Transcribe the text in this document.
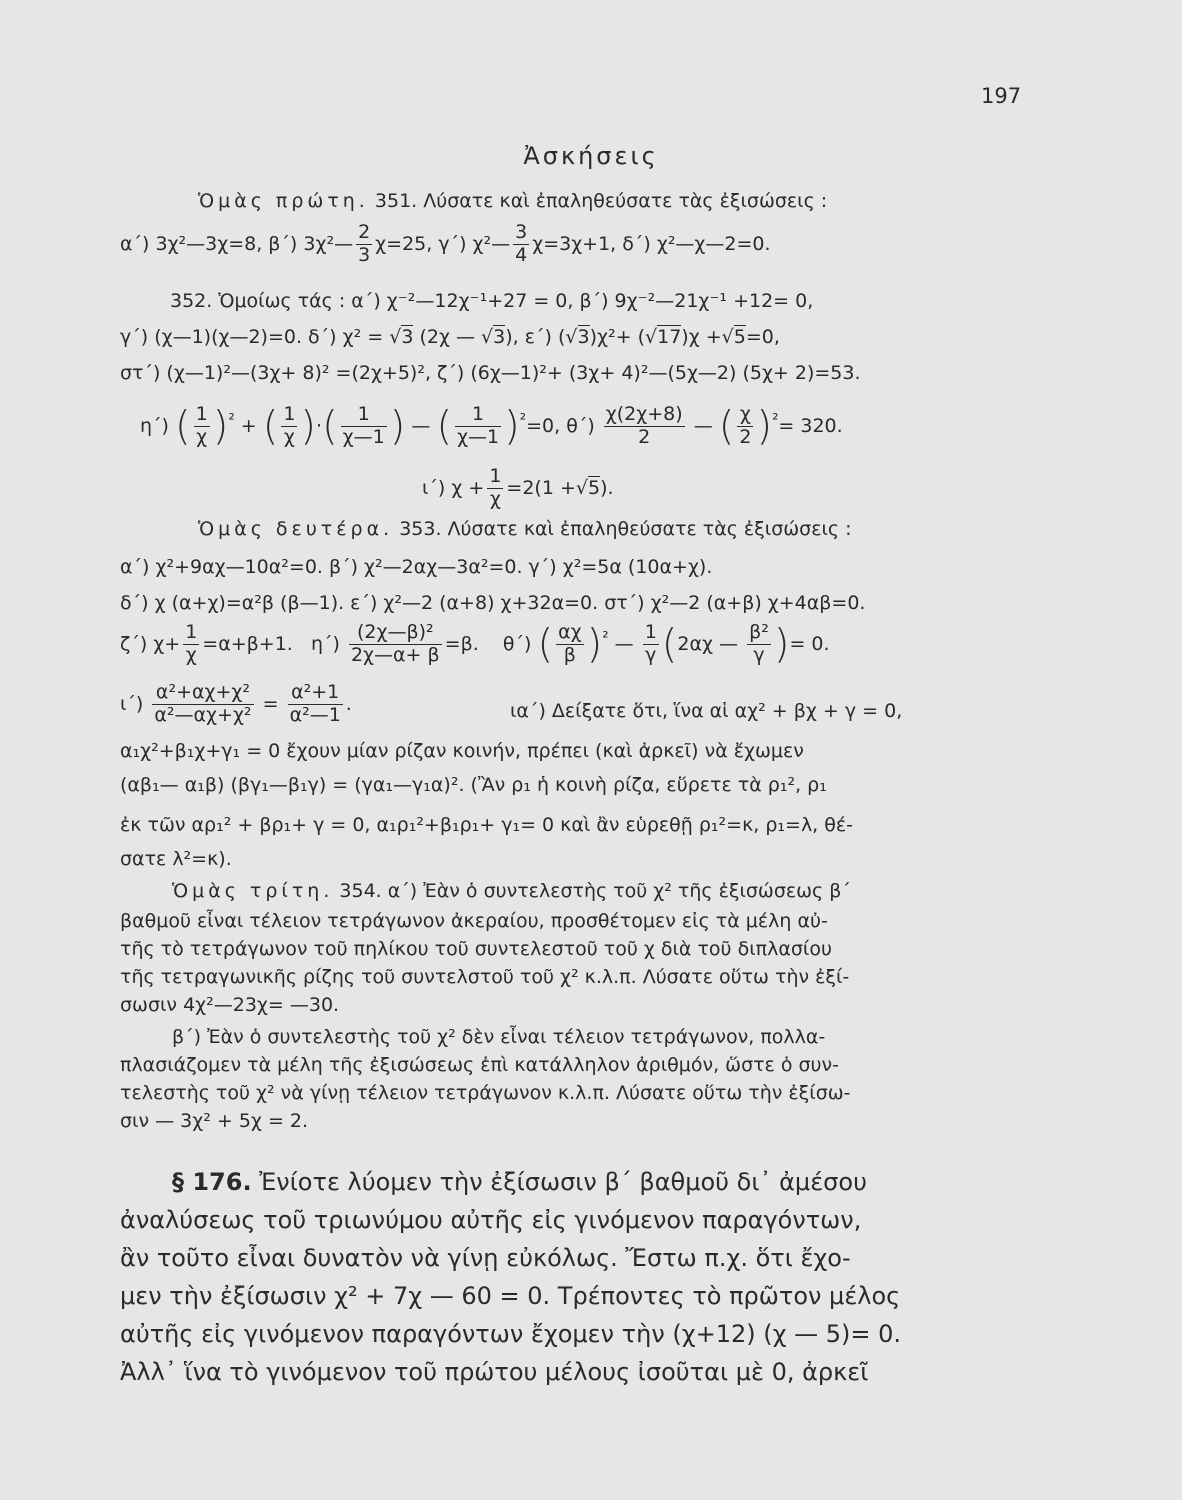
197
Ἀσκήσεις
Ὁμὰς πρώτη. 351. Λύσατε καὶ ἐπαληθεύσατε τὰς ἐξισώσεις :
α΄) 3χ²—3χ=8, β΄) 3χ²— $\frac{2}{3} \chi=25$, γ΄) χ²— $\frac{3}{4} \chi=3\chi+1$, δ΄) χ²—χ—2=0.
352. Ὁμοίως τάς : α΄) χ⁻²—12χ⁻¹+27 = 0, β΄) 9χ⁻²—21χ⁻¹ +12= 0,
γ΄) (χ—1)(χ—2)=0. δ΄) χ² = √3 (2χ — √3), ε΄) (√3)χ²+ (√17)χ +√5=0,
στ΄) (χ—1)²—(3χ+ 8)² =(2χ+5)², ζ΄) (6χ—1)²+ (3χ+ 4)²—(5χ—2) (5χ+ 2)=53.
η΄) ( $\frac{1}{\chi} )^{^2}$ + ( $\frac{1}{\chi}$ )·( $\frac{1}{\chi—1}$ ) — ( $\frac{1}{\chi—1} )^{^2}=0$, $\theta΄) \frac{\chi(2\chi+8)}{2}$ — ( $\frac{\chi}{2} )^{^2}= 320$.
ι΄) $\chi + \frac{1}{\chi} =2(1 +√5)$.
Ὁμὰς δευτέρα. 353. Λύσατε καὶ ἐπαληθεύσατε τὰς ἐξισώσεις :
α΄) χ²+9αχ—10α²=0. β΄) χ²—2αχ—3α²=0. γ΄) χ²=5α (10α+χ).
δ΄) χ (α+χ)=α²β (β—1). ε΄) χ²—2 (α+8) χ+32α=0. στ΄) χ²—2 (α+β) χ+4αβ=0.
ζ΄) $\chi+ \frac{1}{\chi} =\alpha+\beta+1$. $\eta΄) \frac{\text{(2χ—β)²}}{2\chi—\alpha+ \beta} =\beta$. θ΄) ( $\frac{\alpha\chi}{\beta} )^{^2}$ — $\frac{1}{\gamma} (2\alpha\chi$ — $\frac{\text{β²}}{\gamma}$ )= 0.
$\iota΄) \frac{\text{α²+αχ+χ²}}{\text{α²—αχ+χ²}} = \frac{\text{α²+1}}{\text{α²—1}}$ .	ια΄) Δείξατε ὅτι, ἵνα αἱ αχ² + βχ + γ = 0,
α₁χ²+β₁χ+γ₁ = 0 ἔχουν μίαν ρίζαν κοινήν, πρέπει (καὶ ἀρκεῖ) νὰ ἔχωμεν
(αβ₁— α₁β) (βγ₁—β₁γ) = (γα₁—γ₁α)². (Ἂν ρ₁ ἡ κοινὴ ρίζα, εὕρετε τὰ ρ₁², ρ₁
ἐκ τῶν αρ₁² + βρ₁+ γ = 0, α₁ρ₁²+β₁ρ₁+ γ₁= 0 καὶ ἂν εὑρεθῇ ρ₁²=κ, ρ₁=λ, θέ-
σατε λ²=κ).
Ὁμὰς τρίτη. 354. α΄) Ἐὰν ὁ συντελεστὴς τοῦ χ² τῆς ἐξισώσεως β΄
βαθμοῦ εἶναι τέλειον τετράγωνον ἀκεραίου, προσθέτομεν εἰς τὰ μέλη αὐ-
τῆς τὸ τετράγωνον τοῦ πηλίκου τοῦ συντελεστοῦ τοῦ χ διὰ τοῦ διπλασίου
τῆς τετραγωνικῆς ρίζης τοῦ συντελστοῦ τοῦ χ² κ.λ.π. Λύσατε οὕτω τὴν ἐξί-
σωσιν 4χ²—23χ= —30.
β΄) Ἐὰν ὁ συντελεστὴς τοῦ χ² δὲν εἶναι τέλειον τετράγωνον, πολλα-
πλασιάζομεν τὰ μέλη τῆς ἐξισώσεως ἐπὶ κατάλληλον ἀριθμόν, ὥστε ὁ συν-
τελεστὴς τοῦ χ² νὰ γίνῃ τέλειον τετράγωνον κ.λ.π. Λύσατε οὕτω τὴν ἐξίσω-
σιν — 3χ² + 5χ = 2.
§ 176. Ἐνίοτε λύομεν τὴν ἐξίσωσιν β΄ βαθμοῦ δι᾽ ἀμέσου
ἀναλύσεως τοῦ τριωνύμου αὐτῆς εἰς γινόμενον παραγόντων,
ἂν τοῦτο εἶναι δυνατὸν νὰ γίνῃ εὐκόλως. Ἔστω π.χ. ὅτι ἔχο-
μεν τὴν ἐξίσωσιν χ² + 7χ — 60 = 0. Τρέποντες τὸ πρῶτον μέλος
αὐτῆς εἰς γινόμενον παραγόντων ἔχομεν τὴν (χ+12) (χ — 5)= 0.
Ἀλλ᾽ ἵνα τὸ γινόμενον τοῦ πρώτου μέλους ἰσοῦται μὲ 0, ἀρκεῖ
